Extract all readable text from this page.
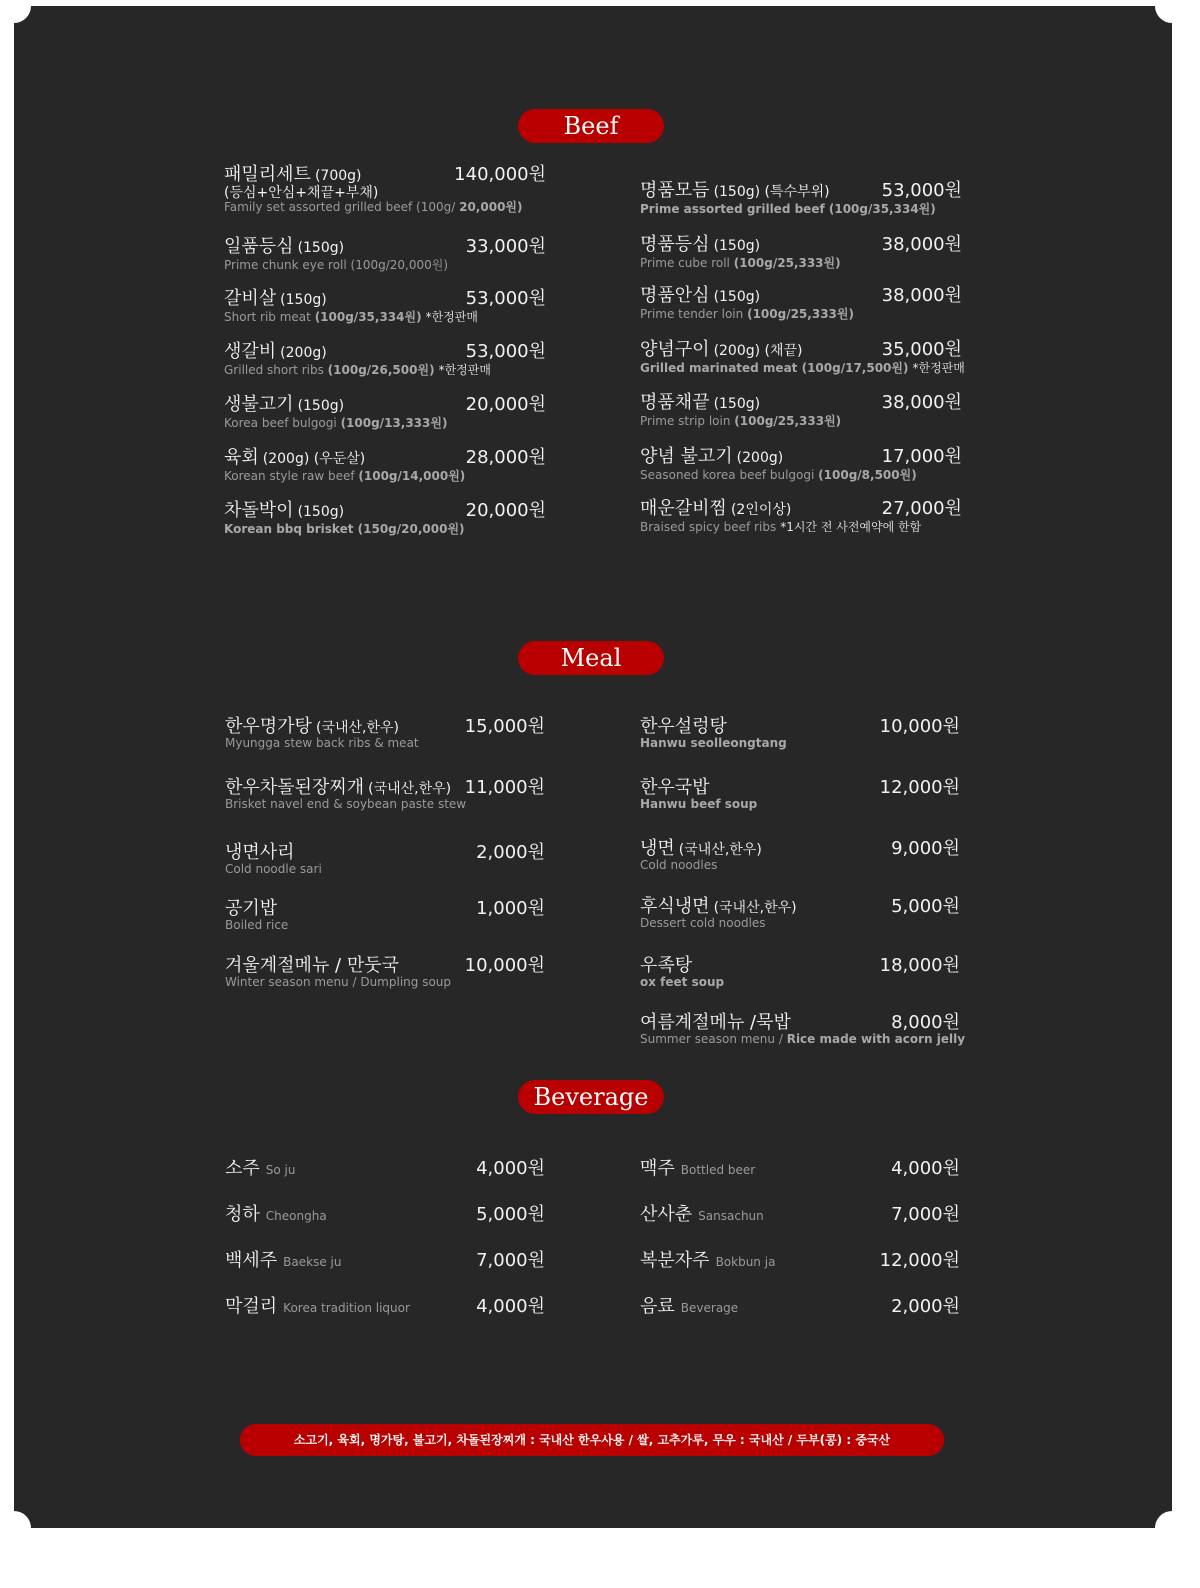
Beef
Meal
Beverage
패밀리세트 (700g)	140,000원
(등심+안심+채끝+부채)
Family set assorted grilled beef (100g/ 20,000원)
일품등심 (150g)	33,000원
Prime chunk eye roll (100g/20,000원)
갈비살 (150g)	53,000원
Short rib meat (100g/35,334원) *한정판매
생갈비 (200g)	53,000원
Grilled short ribs (100g/26,500원) *한정판매
생불고기 (150g)	20,000원
Korea beef bulgogi (100g/13,333원)
육회 (200g) (우둔살)	28,000원
Korean style raw beef (100g/14,000원)
차돌박이 (150g)	20,000원
Korean bbq brisket (150g/20,000원)
명품모듬 (150g) (특수부위)	53,000원
Prime assorted grilled beef (100g/35,334원)
명품등심 (150g)	38,000원
Prime cube roll (100g/25,333원)
명품안심 (150g)	38,000원
Prime tender loin (100g/25,333원)
양념구이 (200g) (채끝)	35,000원
Grilled marinated meat (100g/17,500원) *한정판매
명품채끝 (150g)	38,000원
Prime strip loin (100g/25,333원)
양념 불고기 (200g)	17,000원
Seasoned korea beef bulgogi (100g/8,500원)
매운갈비찜 (2인이상)	27,000원
Braised spicy beef ribs *1시간 전 사전예약에 한함
한우명가탕 (국내산,한우)	15,000원
Myungga stew back ribs & meat
한우차돌된장찌개 (국내산,한우) 11,000원
Brisket navel end & soybean paste stew
냉면사리	2,000원
Cold noodle sari
공기밥	1,000원
Boiled rice
겨울계절메뉴 / 만둣국	10,000원
Winter season menu / Dumpling soup
한우설렁탕	10,000원
Hanwu seolleongtang
한우국밥	12,000원
Hanwu beef soup
냉면 (국내산,한우)	9,000원
Cold noodles
후식냉면 (국내산,한우)	5,000원
Dessert cold noodles
우족탕	18,000원
ox feet soup
여름계절메뉴 /묵밥	8,000원
Summer season menu / Rice made with acorn jelly
소주 So ju	4,000원
청하 Cheongha	5,000원
백세주 Baekse ju	7,000원
막걸리 Korea tradition liquor	4,000원
맥주 Bottled beer	4,000원
산사춘 Sansachun	7,000원
복분자주 Bokbun ja	12,000원
음료 Beverage	2,000원
소고기, 육회, 명가탕, 불고기, 차돌된장찌개 : 국내산 한우사용 / 쌀, 고추가루, 무우 : 국내산 / 두부(콩) : 중국산
